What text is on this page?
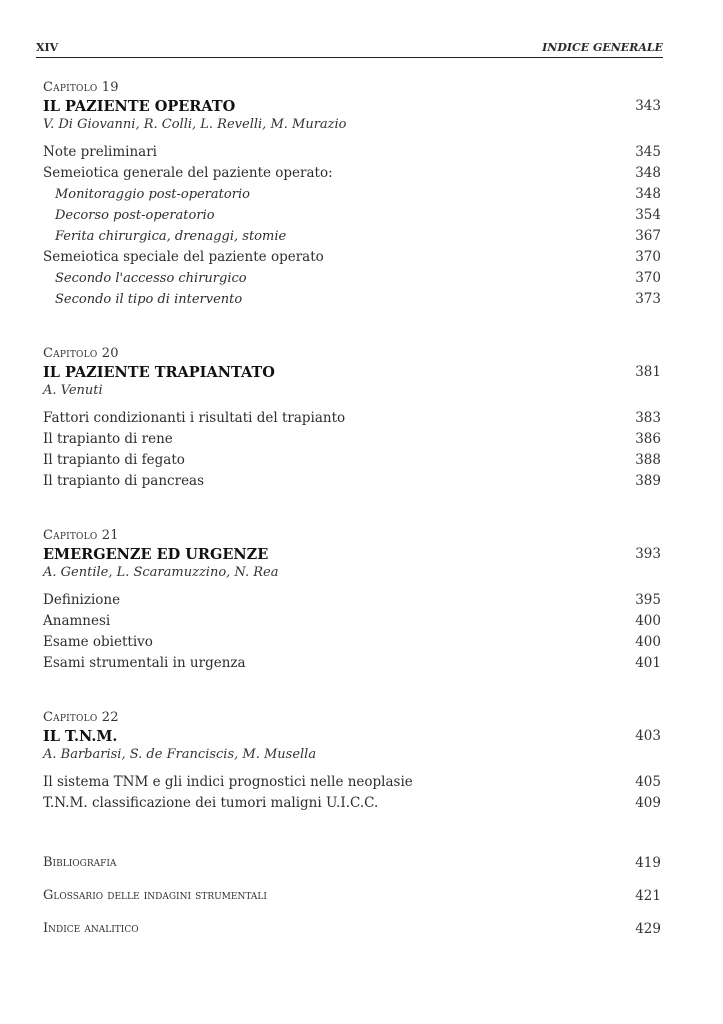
XIV	INDICE GENERALE
Capitolo 19
IL PAZIENTE OPERATO	343
V. Di Giovanni, R. Colli, L. Revelli, M. Murazio
Note preliminari	345
Semeiotica generale del paziente operato:	348
Monitoraggio post-operatorio	348
Decorso post-operatorio	354
Ferita chirurgica, drenaggi, stomie	367
Semeiotica speciale del paziente operato	370
Secondo l'accesso chirurgico	370
Secondo il tipo di intervento	373
Capitolo 20
IL PAZIENTE TRAPIANTATO	381
A. Venuti
Fattori condizionanti i risultati del trapianto	383
Il trapianto di rene	386
Il trapianto di fegato	388
Il trapianto di pancreas	389
Capitolo 21
EMERGENZE ED URGENZE	393
A. Gentile, L. Scaramuzzino, N. Rea
Definizione	395
Anamnesi	400
Esame obiettivo	400
Esami strumentali in urgenza	401
Capitolo 22
IL T.N.M.	403
A. Barbarisi, S. de Franciscis, M. Musella
Il sistema TNM e gli indici prognostici nelle neoplasie	405
T.N.M. classificazione dei tumori maligni U.I.C.C.	409
Bibliografia	419
Glossario delle indagini strumentali	421
Indice analitico	429
